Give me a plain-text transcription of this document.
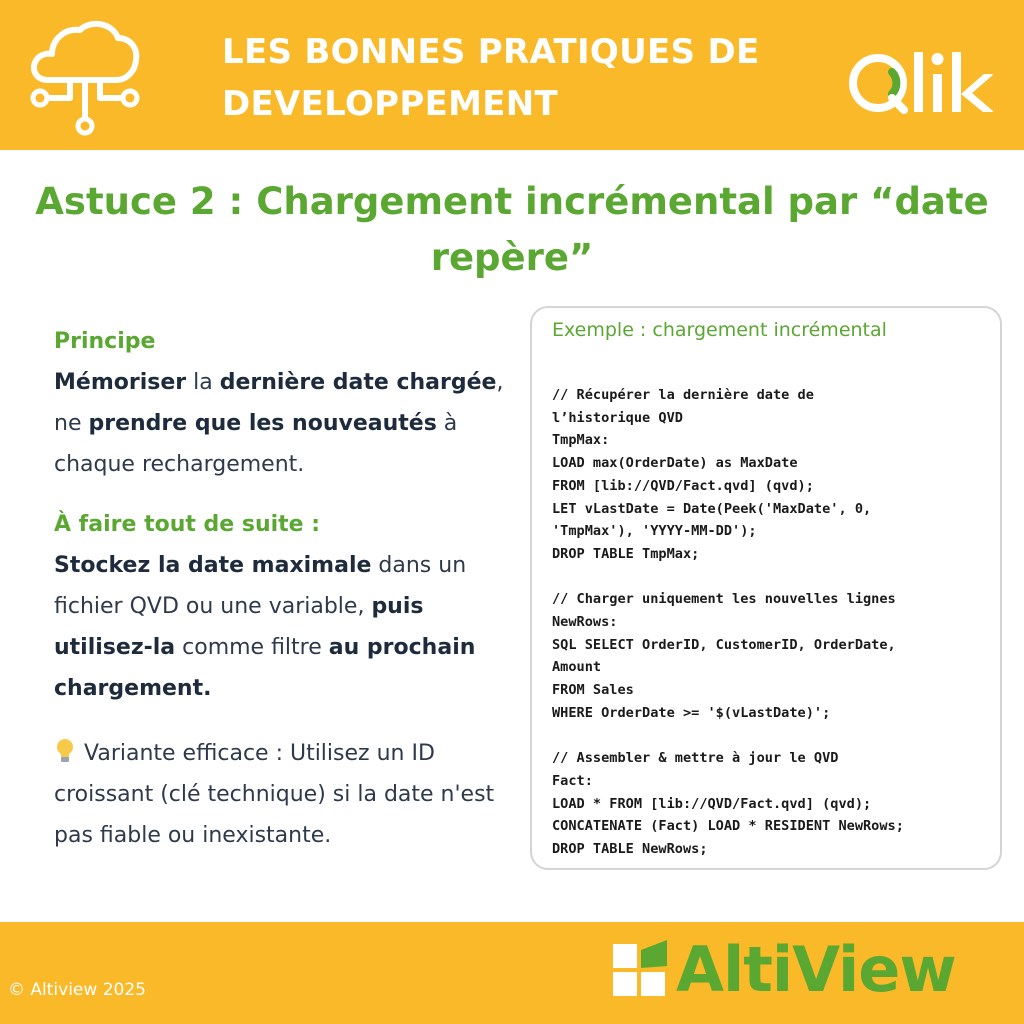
LES BONNES PRATIQUES DE DEVELOPPEMENT
Astuce 2 : Chargement incrémental par “date repère”
Principe

Mémoriser la dernière date chargée, ne prendre que les nouveautés à chaque rechargement.

À faire tout de suite :

Stockez la date maximale dans un fichier QVD ou une variable, puis utilisez-la comme filtre au prochain chargement.

Variante efficace : Utilisez un ID croissant (clé technique) si la date n'est pas fiable ou inexistante.

Exemple : chargement incrémental
// Récupérer la dernière date de
l’historique QVD
TmpMax:
LOAD max(OrderDate) as MaxDate
FROM [lib://QVD/Fact.qvd] (qvd);
LET vLastDate = Date(Peek('MaxDate', 0,
'TmpMax'), 'YYYY-MM-DD');
DROP TABLE TmpMax;

// Charger uniquement les nouvelles lignes
NewRows:
SQL SELECT OrderID, CustomerID, OrderDate,
Amount
FROM Sales
WHERE OrderDate >= '$(vLastDate)';

// Assembler & mettre à jour le QVD
Fact:
LOAD * FROM [lib://QVD/Fact.qvd] (qvd);
CONCATENATE (Fact) LOAD * RESIDENT NewRows;
DROP TABLE NewRows;
© Altiview 2025	AltiView
